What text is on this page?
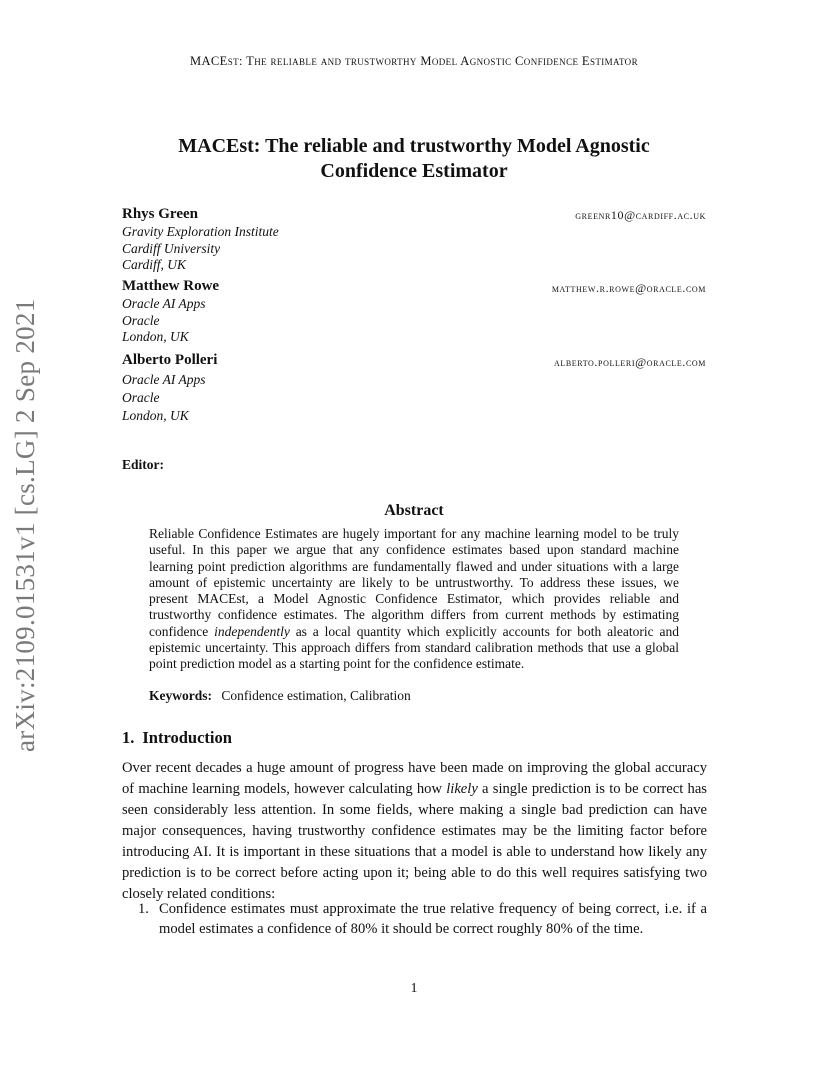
MACEst: The reliable and trustworthy Model Agnostic Confidence Estimator
MACEst: The reliable and trustworthy Model Agnostic
Confidence Estimator
Rhys Green
Gravity Exploration Institute
Cardiff University
Cardiff, UK
greenr10@cardiff.ac.uk
Matthew Rowe
Oracle AI Apps
Oracle
London, UK
matthew.r.rowe@oracle.com
Alberto Polleri
Oracle AI Apps
Oracle
London, UK
alberto.polleri@oracle.com
Editor:
Abstract
Reliable Confidence Estimates are hugely important for any machine learning model to be truly useful. In this paper we argue that any confidence estimates based upon standard machine learning point prediction algorithms are fundamentally flawed and under situations with a large amount of epistemic uncertainty are likely to be untrustworthy. To address these issues, we present MACEst, a Model Agnostic Confidence Estimator, which provides reliable and trustworthy confidence estimates. The algorithm differs from current methods by estimating confidence independently as a local quantity which explicitly accounts for both aleatoric and epistemic uncertainty. This approach differs from standard calibration methods that use a global point prediction model as a starting point for the confidence estimate.
Keywords: Confidence estimation, Calibration
1. Introduction
Over recent decades a huge amount of progress have been made on improving the global accuracy of machine learning models, however calculating how likely a single prediction is to be correct has seen considerably less attention. In some fields, where making a single bad prediction can have major consequences, having trustworthy confidence estimates may be the limiting factor before introducing AI. It is important in these situations that a model is able to understand how likely any prediction is to be correct before acting upon it; being able to do this well requires satisfying two closely related conditions:
1. Confidence estimates must approximate the true relative frequency of being correct, i.e. if a model estimates a confidence of 80% it should be correct roughly 80% of the time.
1
arXiv:2109.01531v1 [cs.LG] 2 Sep 2021
